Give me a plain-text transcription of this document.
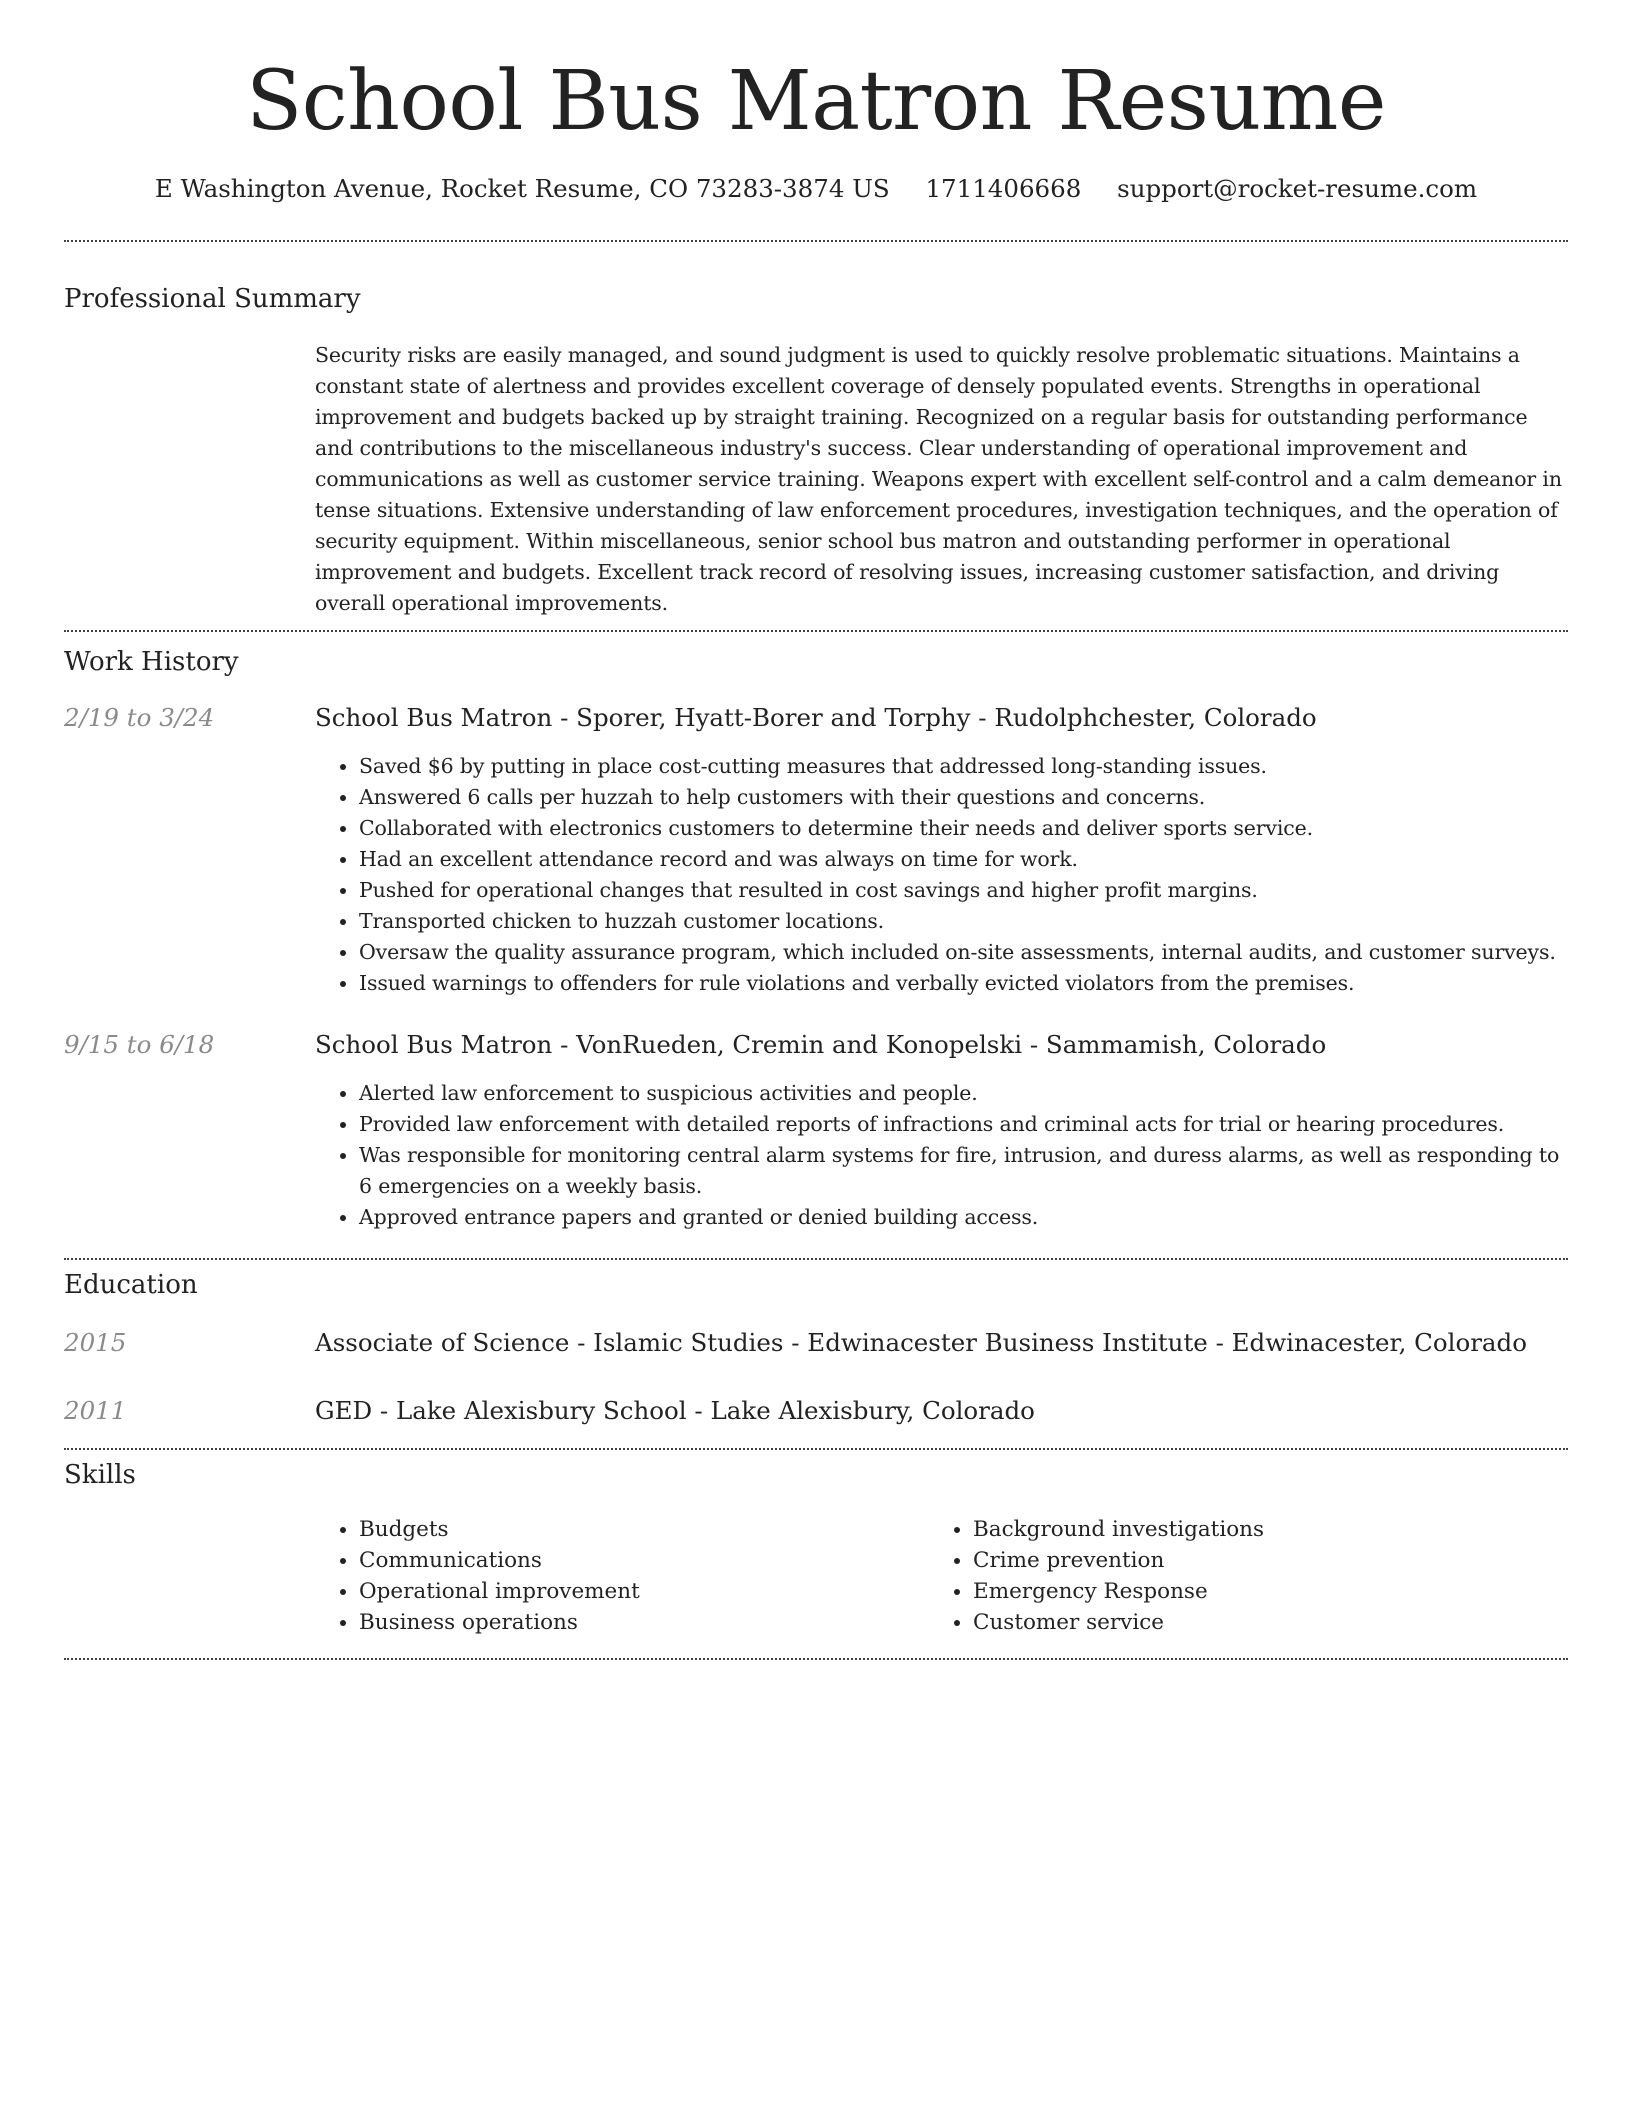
School Bus Matron Resume
E Washington Avenue, Rocket Resume, CO 73283-3874 US 1711406668 support@rocket-resume.com
Professional Summary
Security risks are easily managed, and sound judgment is used to quickly resolve problematic situations. Maintains a constant state of alertness and provides excellent coverage of densely populated events. Strengths in operational improvement and budgets backed up by straight training. Recognized on a regular basis for outstanding performance and contributions to the miscellaneous industry's success. Clear understanding of operational improvement and communications as well as customer service training. Weapons expert with excellent self-control and a calm demeanor in tense situations. Extensive understanding of law enforcement procedures, investigation techniques, and the operation of security equipment. Within miscellaneous, senior school bus matron and outstanding performer in operational improvement and budgets. Excellent track record of resolving issues, increasing customer satisfaction, and driving overall operational improvements.
Work History
2/19 to 3/24	School Bus Matron - Sporer, Hyatt-Borer and Torphy - Rudolphchester, Colorado
• Saved $6 by putting in place cost-cutting measures that addressed long-standing issues.
• Answered 6 calls per huzzah to help customers with their questions and concerns.
• Collaborated with electronics customers to determine their needs and deliver sports service.
• Had an excellent attendance record and was always on time for work.
• Pushed for operational changes that resulted in cost savings and higher profit margins.
• Transported chicken to huzzah customer locations.
• Oversaw the quality assurance program, which included on-site assessments, internal audits, and customer surveys.
• Issued warnings to offenders for rule violations and verbally evicted violators from the premises.
9/15 to 6/18	School Bus Matron - VonRueden, Cremin and Konopelski - Sammamish, Colorado
• Alerted law enforcement to suspicious activities and people.
• Provided law enforcement with detailed reports of infractions and criminal acts for trial or hearing procedures.
• Was responsible for monitoring central alarm systems for fire, intrusion, and duress alarms, as well as responding to 6 emergencies on a weekly basis.
• Approved entrance papers and granted or denied building access.
Education
2015	Associate of Science - Islamic Studies - Edwinacester Business Institute - Edwinacester, Colorado
2011	GED - Lake Alexisbury School - Lake Alexisbury, Colorado
Skills
• Budgets
• Communications
• Operational improvement
• Business operations
• Background investigations
• Crime prevention
• Emergency Response
• Customer service
